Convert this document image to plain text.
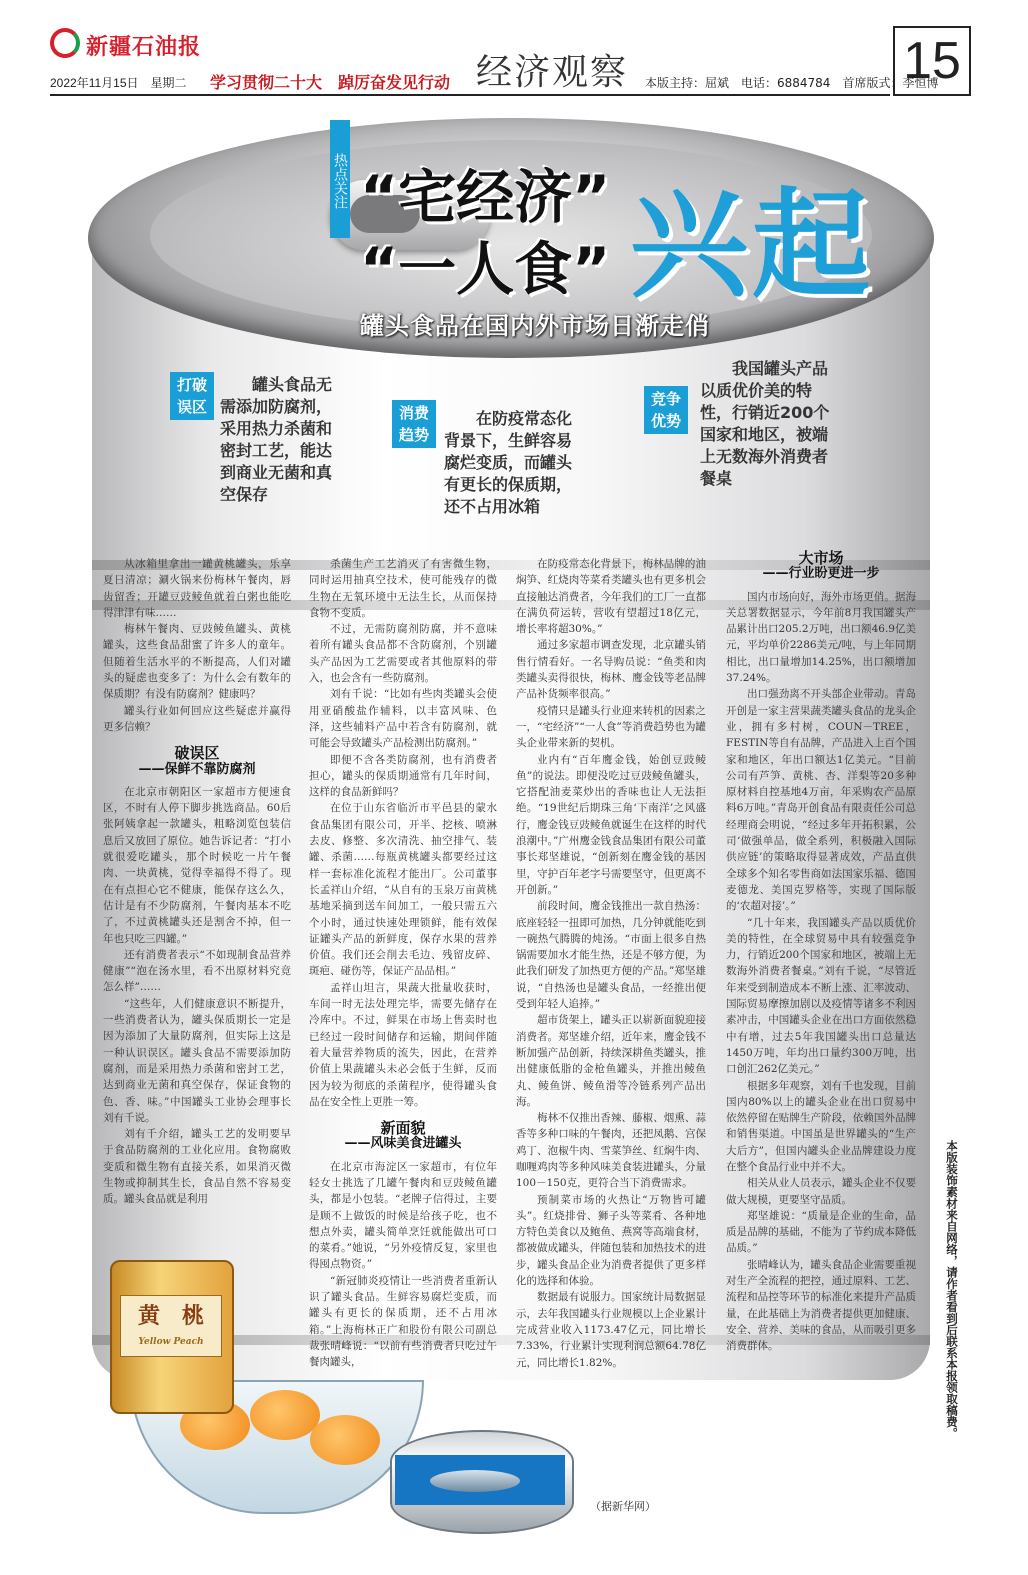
新疆石油报
2022年11月15日　星期二 学习贯彻二十大　踔厉奋发见行动 经济观察 本版主持：屈斌　电话：6884784　首席版式：李恒博
15
热点关注 “宅经济”
“一人食” 兴起
罐头食品在国内外市场日渐走俏
打破误区
罐头食品无需添加防腐剂，采用热力杀菌和密封工艺，能达到商业无菌和真空保存
消费趋势
在防疫常态化背景下，生鲜容易腐烂变质，而罐头有更长的保质期，还不占用冰箱
竞争优势
我国罐头产品以质优价美的特性，行销近200个国家和地区，被端上无数海外消费者餐桌

从冰箱里拿出一罐黄桃罐头，乐享夏日清凉；涮火锅来份梅林午餐肉，唇齿留香；开罐豆豉鲮鱼就着白粥也能吃得津津有味……

梅林午餐肉、豆豉鲮鱼罐头、黄桃罐头，这些食品甜蜜了许多人的童年。但随着生活水平的不断提高，人们对罐头的疑虑也变多了：为什么会有数年的保质期？有没有防腐剂？健康吗？

罐头行业如何回应这些疑虑并赢得更多信赖？

破误区
——保鲜不靠防腐剂

在北京市朝阳区一家超市方便速食区，不时有人停下脚步挑选商品。60后张阿姨拿起一款罐头，粗略浏览包装信息后又放回了原位。她告诉记者：“打小就很爱吃罐头，那个时候吃一片午餐肉、一块黄桃，觉得幸福得不得了。现在有点担心它不健康，能保存这么久，估计是有不少防腐剂，午餐肉基本不吃了，不过黄桃罐头还是割舍不掉，但一年也只吃三四罐。”

还有消费者表示“不如现制食品营养健康”“泡在汤水里，看不出原材料究竟怎么样”……

“这些年，人们健康意识不断提升，一些消费者认为，罐头保质期长一定是因为添加了大量防腐剂，但实际上这是一种认识误区。罐头食品不需要添加防腐剂，而是采用热力杀菌和密封工艺，达到商业无菌和真空保存，保证食物的色、香、味。”中国罐头工业协会理事长刘有千说。

刘有千介绍，罐头工艺的发明要早于食品防腐剂的工业化应用。食物腐败变质和微生物有直接关系，如果消灭微生物或抑制其生长，食品自然不容易变质。罐头食品就是利用

杀菌生产工艺消灭了有害微生物，同时运用抽真空技术，使可能残存的微生物在无氧环境中无法生长，从而保持食物不变质。

不过，无需防腐剂防腐，并不意味着所有罐头食品都不含防腐剂，个别罐头产品因为工艺需要或者其他原料的带入，也会含有一些防腐剂。

刘有千说：“比如有些肉类罐头会使用亚硝酸盐作辅料，以丰富风味、色泽，这些辅料产品中若含有防腐剂，就可能会导致罐头产品检测出防腐剂。”

即便不含各类防腐剂，也有消费者担心，罐头的保质期通常有几年时间，这样的食品新鲜吗？

在位于山东省临沂市平邑县的蒙水食品集团有限公司，开半、挖核、喷淋去皮、修整、多次清洗、抽空排气、装罐、杀菌……每瓶黄桃罐头都要经过这样一套标准化流程才能出厂。公司董事长孟祥山介绍，“从自有的玉泉万亩黄桃基地采摘到送车间加工，一般只需五六个小时，通过快速处理锁鲜，能有效保证罐头产品的新鲜度，保存水果的营养价值。我们还会削去毛边、残留皮碎、斑疤、碰伤等，保证产品品相。”

孟祥山坦言，果蔬大批量收获时，车间一时无法处理完毕，需要先储存在冷库中。不过，鲜果在市场上售卖时也已经过一段时间储存和运输，期间伴随着大量营养物质的流失，因此，在营养价值上果蔬罐头未必会低于生鲜，反而因为较为彻底的杀菌程序，使得罐头食品在安全性上更胜一筹。

新面貌
——风味美食进罐头

在北京市海淀区一家超市，有位年轻女士挑选了几罐午餐肉和豆豉鲮鱼罐头，都是小包装。“老牌子信得过，主要是顾不上做饭的时候是给孩子吃，也不想点外卖，罐头简单烹饪就能做出可口的菜肴。”她说，“另外疫情反复，家里也得囤点物资。”

“新冠肺炎疫情让一些消费者重新认识了罐头食品。生鲜容易腐烂变质，而罐头有更长的保质期，还不占用冰箱。”上海梅林正广和股份有限公司副总裁张晴峰说：“以前有些消费者只吃过午餐肉罐头，

在防疫常态化背景下，梅林品牌的油焖笋、红烧肉等菜肴类罐头也有更多机会直接触达消费者，今年我们的工厂一直都在满负荷运转，营收有望超过18亿元，增长率将超30%。”

通过多家超市调查发现，北京罐头销售行情看好。一名导购员说：“鱼类和肉类罐头卖得很快，梅林、鹰金钱等老品牌产品补货频率很高。”

疫情只是罐头行业迎来转机的因素之一，“宅经济”“一人食”等消费趋势也为罐头企业带来新的契机。

业内有“百年鹰金钱，始创豆豉鲮鱼”的说法。即便没吃过豆豉鲮鱼罐头，它搭配油麦菜炒出的香味也让人无法拒绝。“19世纪后期珠三角‘下南洋’之风盛行，鹰金钱豆豉鲮鱼就诞生在这样的时代浪潮中。”广州鹰金钱食品集团有限公司董事长郑坚雄说，“创新刻在鹰金钱的基因里，守护百年老字号需要坚守，但更离不开创新。”

前段时间，鹰金钱推出一款自热汤：底座轻轻一扭即可加热，几分钟就能吃到一碗热气腾腾的炖汤。“市面上很多自热锅需要加水才能生热，还是不够方便，为此我们研发了加热更方便的产品。”郑坚雄说，“自热汤也是罐头食品，一经推出便受到年轻人追捧。”

超市货架上，罐头正以崭新面貌迎接消费者。郑坚雄介绍，近年来，鹰金钱不断加强产品创新，持续深耕鱼类罐头，推出健康低脂的金枪鱼罐头，并推出鲮鱼丸、鲮鱼饼、鲮鱼滑等冷链系列产品出海。

梅林不仅推出香辣、藤椒、烟熏、蒜香等多种口味的午餐肉，还把凤鹅、宫保鸡丁、泡椒牛肉、雪菜笋丝、红焖牛肉、咖喱鸡肉等多种风味美食装进罐头，分量100－150克，更符合当下消费需求。

预制菜市场的火热让“万物皆可罐头”。红烧排骨、狮子头等菜肴、各种地方特色美食以及鲍鱼、燕窝等高端食材，都被做成罐头，伴随包装和加热技术的进步，罐头食品企业为消费者提供了更多样化的选择和体验。

数据最有说服力。国家统计局数据显示，去年我国罐头行业规模以上企业累计完成营业收入1173.47亿元，同比增长7.33%，行业累计实现利润总额64.78亿元，同比增长1.82%。

大市场
——行业盼更进一步

国内市场向好，海外市场更俏。据海关总署数据显示，今年前8月我国罐头产品累计出口205.2万吨，出口额46.9亿美元，平均单价2286美元/吨，与上年同期相比，出口量增加14.25%，出口额增加37.24%。

出口强劲离不开头部企业带动。青岛开创是一家主营果蔬类罐头食品的龙头企业，拥有多村树，COUN－TREE，FESTIN等自有品牌，产品进入上百个国家和地区，年出口额达1亿美元。“目前公司有芦笋、黄桃、杏、洋梨等20多种原材料自控基地4万亩，年采购农产品原料6万吨。”青岛开创食品有限责任公司总经理商会明说，“经过多年开拓积累，公司‘做强单品，做全系列，积极融入国际供应链’的策略取得显著成效，产品直供全球多个知名零售商如法国家乐福、德国麦德龙、美国克罗格等，实现了国际版的‘农超对接’。”

“几十年来，我国罐头产品以质优价美的特性，在全球贸易中具有较强竞争力，行销近200个国家和地区，被端上无数海外消费者餐桌。”刘有千说，“尽管近年来受到制造成本不断上涨、汇率波动、国际贸易摩擦加剧以及疫情等诸多不利因素冲击，中国罐头企业在出口方面依然稳中有增，过去5年我国罐头出口总量达1450万吨，年均出口量约300万吨，出口创汇262亿美元。”

根据多年观察，刘有千也发现，目前国内80%以上的罐头企业在出口贸易中依然停留在贴牌生产阶段，依赖国外品牌和销售渠道。中国虽是世界罐头的“生产大后方”，但国内罐头企业品牌建设力度在整个食品行业中并不大。

相关从业人员表示，罐头企业不仅要做大规模，更要坚守品质。

郑坚雄说：“质量是企业的生命，品质是品牌的基础，不能为了节约成本降低品质。”

张晴峰认为，罐头食品企业需要重视对生产全流程的把控，通过原料、工艺、流程和品控等环节的标准化来提升产品质量，在此基础上为消费者提供更加健康、安全、营养、美味的食品，从而吸引更多消费群体。	本版装饰素材来自网络，请作者看到后联系本报领取稿费。
（据新华网）
黄　桃
Yellow Peach
